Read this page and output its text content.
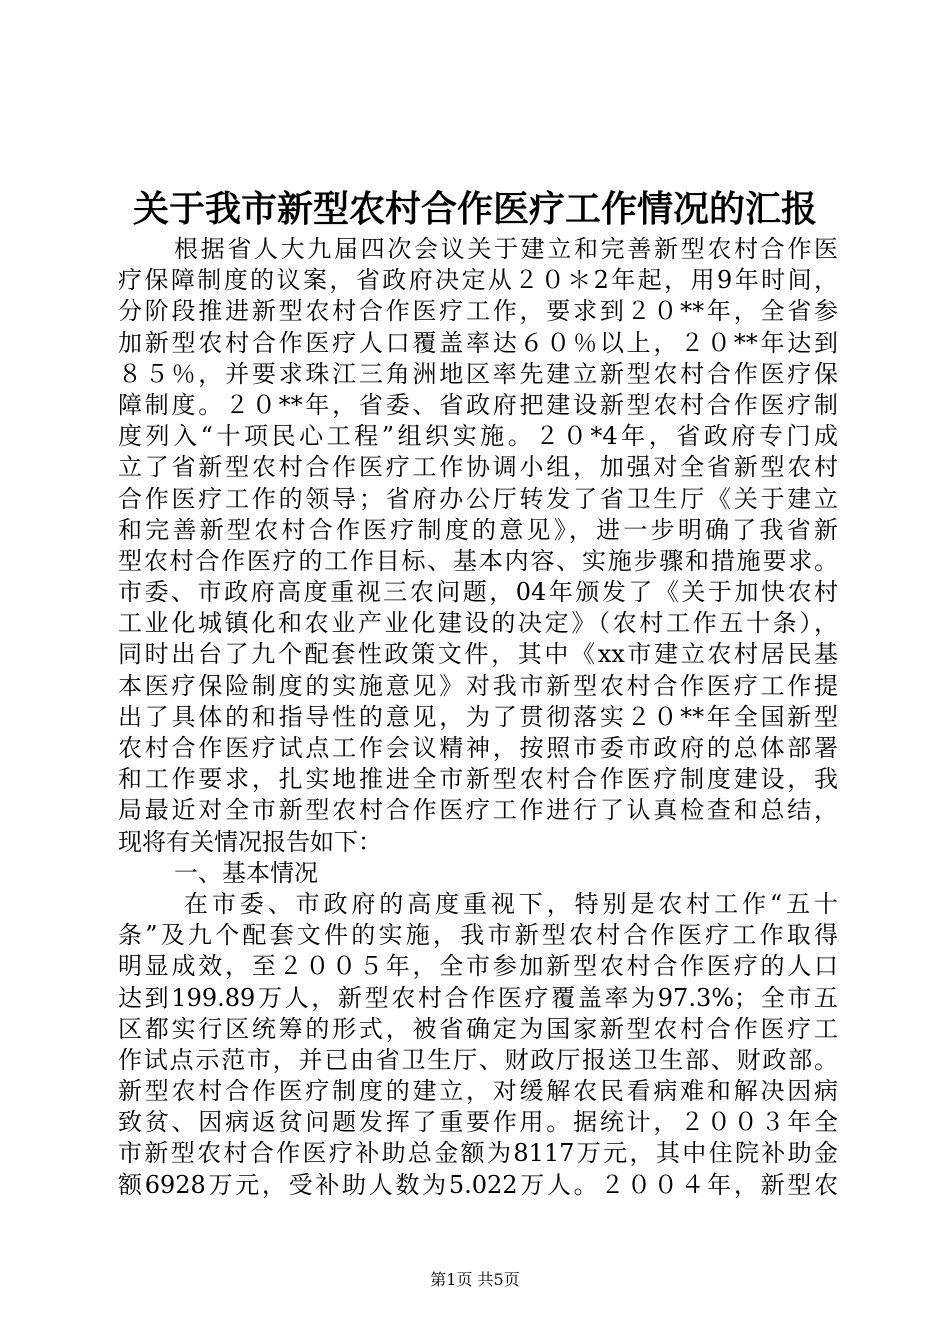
关于我市新型农村合作医疗工作情况的汇报
根据省人大九届四次会议关于建立和完善新型农村合作医
疗保障制度的议案，省政府决定从２０＊2年起，用9年时间，
分阶段推进新型农村合作医疗工作，要求到２０**年，全省参
加新型农村合作医疗人口覆盖率达６０％以上，２０**年达到
８５％，并要求珠江三角洲地区率先建立新型农村合作医疗保
障制度。２０**年，省委、省政府把建设新型农村合作医疗制
度列入“十项民心工程”组织实施。２０*4年，省政府专门成
立了省新型农村合作医疗工作协调小组，加强对全省新型农村
合作医疗工作的领导；省府办公厅转发了省卫生厅《关于建立
和完善新型农村合作医疗制度的意见》，进一步明确了我省新
型农村合作医疗的工作目标、基本内容、实施步骤和措施要求。
市委、市政府高度重视三农问题，04年颁发了《关于加快农村
工业化城镇化和农业产业化建设的决定》（农村工作五十条），
同时出台了九个配套性政策文件，其中《xx市建立农村居民基
本医疗保险制度的实施意见》对我市新型农村合作医疗工作提
出了具体的和指导性的意见，为了贯彻落实２０**年全国新型
农村合作医疗试点工作会议精神，按照市委市政府的总体部署
和工作要求，扎实地推进全市新型农村合作医疗制度建设，我
局最近对全市新型农村合作医疗工作进行了认真检查和总结，
现将有关情况报告如下：
一、基本情况
在市委、市政府的高度重视下，特别是农村工作“五十
条”及九个配套文件的实施，我市新型农村合作医疗工作取得
明显成效，至２００５年，全市参加新型农村合作医疗的人口
达到199.89万人，新型农村合作医疗覆盖率为97.3%；全市五
区都实行区统筹的形式，被省确定为国家新型农村合作医疗工
作试点示范市，并已由省卫生厅、财政厅报送卫生部、财政部。
新型农村合作医疗制度的建立，对缓解农民看病难和解决因病
致贫、因病返贫问题发挥了重要作用。据统计，２００３年全
市新型农村合作医疗补助总金额为8117万元，其中住院补助金
额6928万元，受补助人数为5.022万人。２００４年，新型农
第1页 共5页
